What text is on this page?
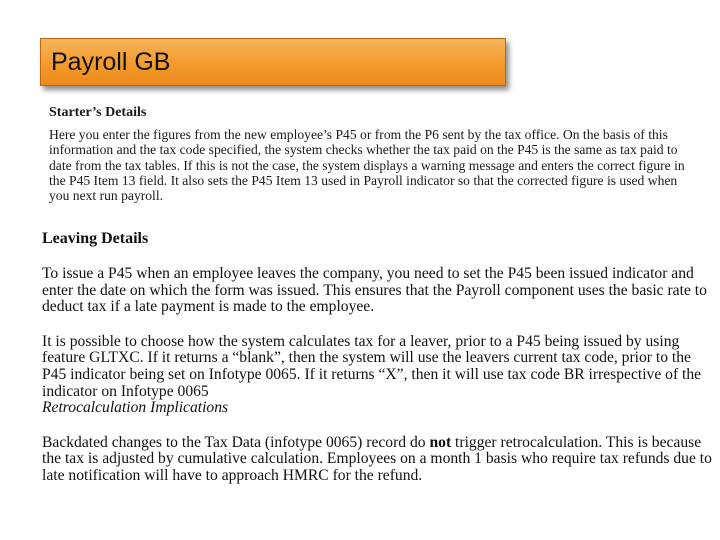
Payroll GB
Starter’s Details

Here you enter the figures from the new employee’s P45 or from the P6 sent by the tax office. On the basis of this information and the tax code specified, the system checks whether the tax paid on the P45 is the same as tax paid to date from the tax tables. If this is not the case, the system displays a warning message and enters the correct figure in the P45 Item 13 field. It also sets the P45 Item 13 used in Payroll indicator so that the corrected figure is used when you next run payroll.

Leaving Details

To issue a P45 when an employee leaves the company, you need to set the P45 been issued indicator and enter the date on which the form was issued. This ensures that the Payroll component uses the basic rate to deduct tax if a late payment is made to the employee.

It is possible to choose how the system calculates tax for a leaver, prior to a P45 being issued by using feature GLTXC. If it returns a “blank”, then the system will use the leavers current tax code, prior to the P45 indicator being set on Infotype 0065. If it returns “X”, then it will use tax code BR irrespective of the indicator on Infotype 0065

Retrocalculation Implications

Backdated changes to the Tax Data (infotype 0065) record do not trigger retrocalculation. This is because the tax is adjusted by cumulative calculation. Employees on a month 1 basis who require tax refunds due to late notification will have to approach HMRC for the refund.
